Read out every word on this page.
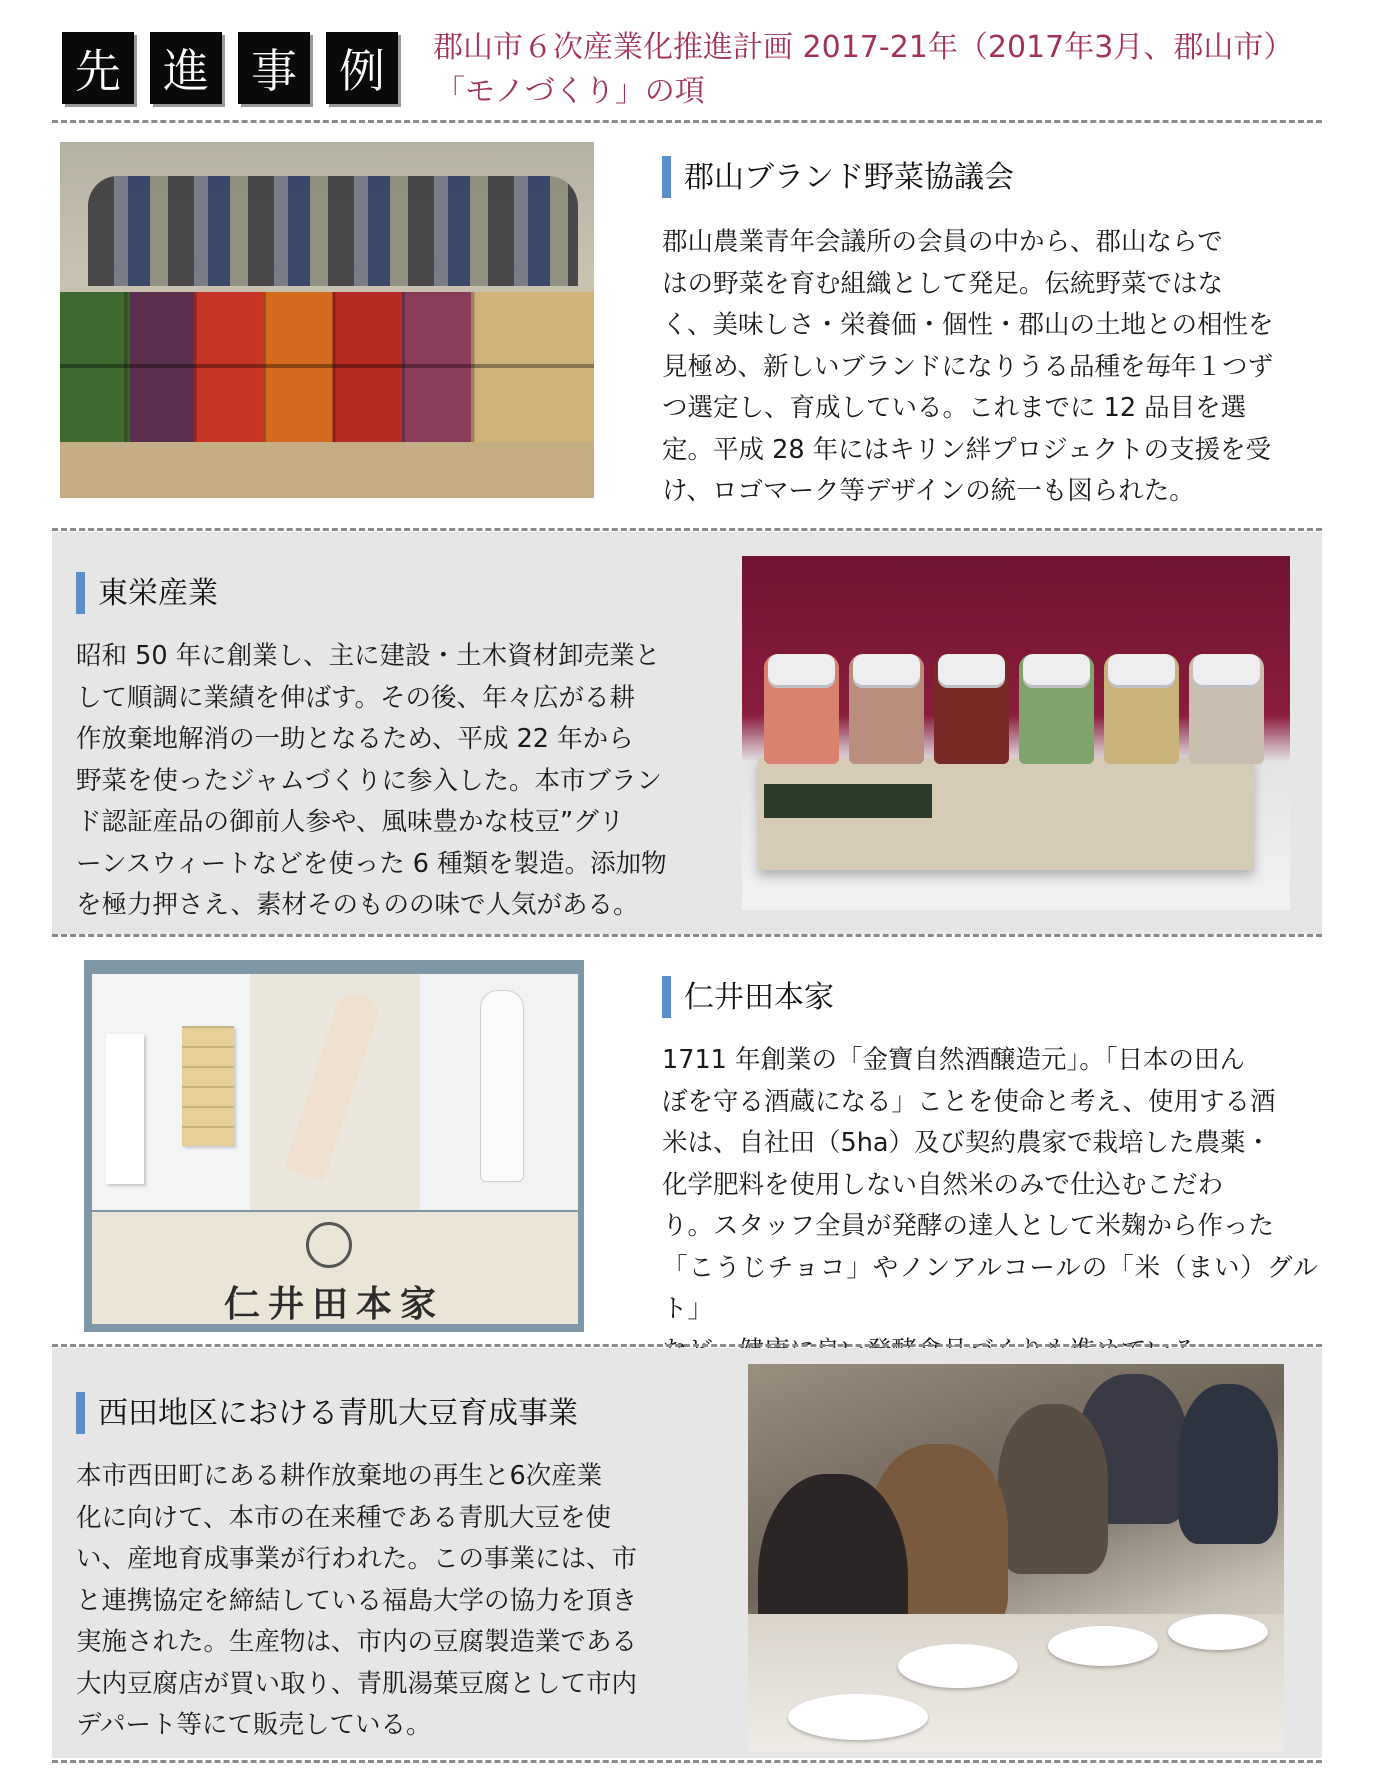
先 進 事 例	郡山市６次産業化推進計画 2017-21年（2017年3月、郡山市）
「モノづくり」の項
郡山ブランド野菜協議会
郡山農業青年会議所の会員の中から、郡山ならで
はの野菜を育む組織として発足。伝統野菜ではな
く、美味しさ・栄養価・個性・郡山の土地との相性を
見極め、新しいブランドになりうる品種を毎年１つず
つ選定し、育成している。これまでに 12 品目を選
定。平成 28 年にはキリン絆プロジェクトの支援を受
け、ロゴマーク等デザインの統一も図られた。
東栄産業
昭和 50 年に創業し、主に建設・土木資材卸売業と
して順調に業績を伸ばす。その後、年々広がる耕
作放棄地解消の一助となるため、平成 22 年から
野菜を使ったジャムづくりに参入した。本市ブラン
ド認証産品の御前人参や、風味豊かな枝豆”グリ
ーンスウィートなどを使った 6 種類を製造。添加物
を極力押さえ、素材そのものの味で人気がある。
仁井田本家
仁井田本家
1711 年創業の「金寶自然酒醸造元」。「日本の田ん
ぼを守る酒蔵になる」ことを使命と考え、使用する酒
米は、自社田（5ha）及び契約農家で栽培した農薬・
化学肥料を使用しない自然米のみで仕込むこだわ
り。スタッフ全員が発酵の達人として米麹から作った
「こうじチョコ」やノンアルコールの「米（まい）グルト」
西田地区における青肌大豆育成事業
本市西田町にある耕作放棄地の再生と6次産業
化に向けて、本市の在来種である青肌大豆を使
い、産地育成事業が行われた。この事業には、市
と連携協定を締結している福島大学の協力を頂き
実施された。生産物は、市内の豆腐製造業である
大内豆腐店が買い取り、青肌湯葉豆腐として市内
デパート等にて販売している。
